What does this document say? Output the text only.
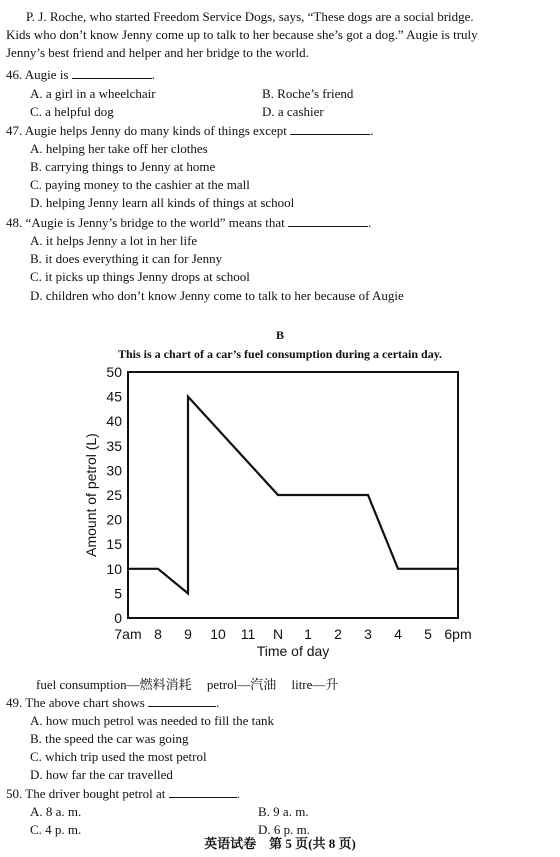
P. J. Roche, who started Freedom Service Dogs, says, “These dogs are a social bridge.
Kids who don’t know Jenny come up to talk to her because she’s got a dog.” Augie is truly
Jenny’s best friend and helper and her bridge to the world.
46. Augie is	.
A. a girl in a wheelchair	B. Roche’s friend
C. a helpful dog	D. a cashier
47. Augie helps Jenny do many kinds of things except	.
A. helping her take off her clothes
B. carrying things to Jenny at home
C. paying money to the cashier at the mall
D. helping Jenny learn all kinds of things at school
48. “Augie is Jenny’s bridge to the world” means that	.
A. it helps Jenny a lot in her life
B. it does everything it can for Jenny
C. it picks up things Jenny drops at school
D. children who don’t know Jenny come to talk to her because of Augie
B
This is a chart of a car’s fuel consumption during a certain day.
0
5
10
15
20
25
30
35
40
45
50
7am 8 9 10 11 N 1 2 3 4 5 6pm
Time of day
Amount of petrol (L)
fuel consumption—燃料消耗 petrol—汽油 litre—升
49. The above chart shows	.
A. how much petrol was needed to fill the tank
B. the speed the car was going
C. which trip used the most petrol
D. how far the car travelled
50. The driver bought petrol at	.
A. 8 a. m.	B. 9 a. m.
C. 4 p. m.	D. 6 p. m.
英语试卷　第 5 页(共 8 页)
